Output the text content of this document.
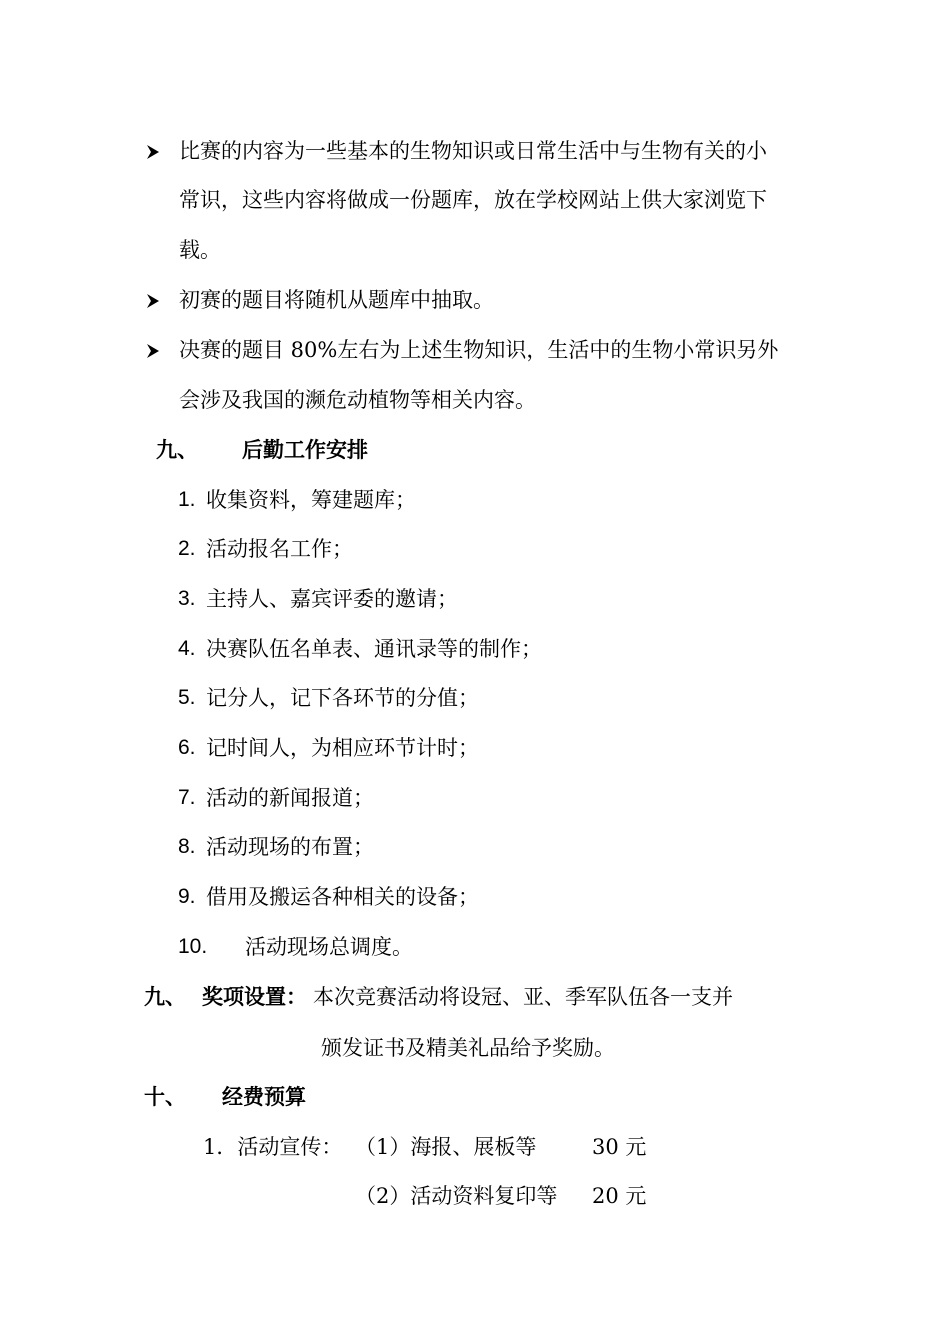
比赛的内容为一些基本的生物知识或日常生活中与生物有关的小
常识，这些内容将做成一份题库，放在学校网站上供大家浏览下
载。
初赛的题目将随机从题库中抽取。
决赛的题目 80%左右为上述生物知识，生活中的生物小常识另外
会涉及我国的濒危动植物等相关内容。
九、 后勤工作安排
1. 收集资料，筹建题库；
2. 活动报名工作；
3. 主持人、嘉宾评委的邀请；
4. 决赛队伍名单表、通讯录等的制作；
5. 记分人，记下各环节的分值；
6. 记时间人，为相应环节计时；
7. 活动的新闻报道；
8. 活动现场的布置；
9. 借用及搬运各种相关的设备；
10. 活动现场总调度。
九、 奖项设置： 本次竞赛活动将设冠、亚、季军队伍各一支并
颁发证书及精美礼品给予奖励。
十、 经费预算
1．活动宣传： （1）海报、展板等	30 元
（2）活动资料复印等 20 元
